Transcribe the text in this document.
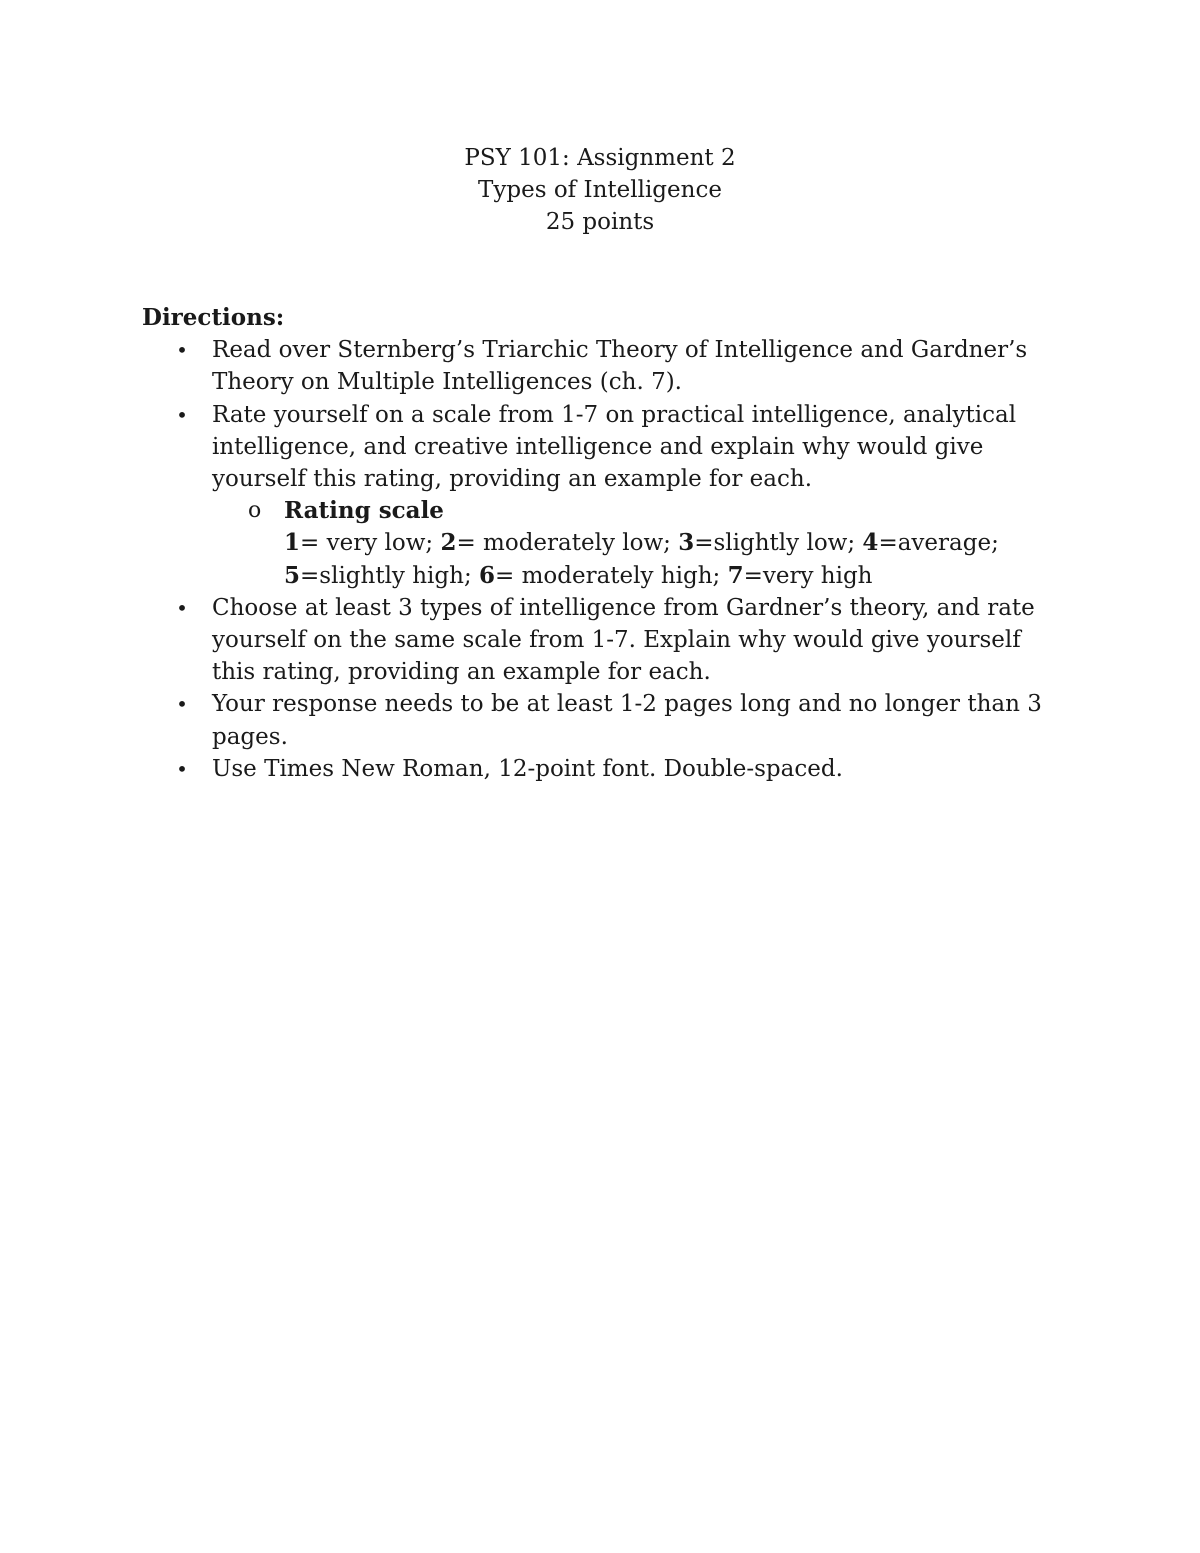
PSY 101: Assignment 2
Types of Intelligence
25 points
Directions:
• Read over Sternberg’s Triarchic Theory of Intelligence and Gardner’s Theory on Multiple Intelligences (ch. 7).
• Rate yourself on a scale from 1-7 on practical intelligence, analytical intelligence, and creative intelligence and explain why would give yourself this rating, providing an example for each.
o Rating scale
1= very low; 2= moderately low; 3=slightly low; 4=average;
5=slightly high; 6= moderately high; 7=very high
• Choose at least 3 types of intelligence from Gardner’s theory, and rate yourself on the same scale from 1-7. Explain why would give yourself this rating, providing an example for each.
• Your response needs to be at least 1-2 pages long and no longer than 3 pages.
• Use Times New Roman, 12-point font. Double-spaced.
